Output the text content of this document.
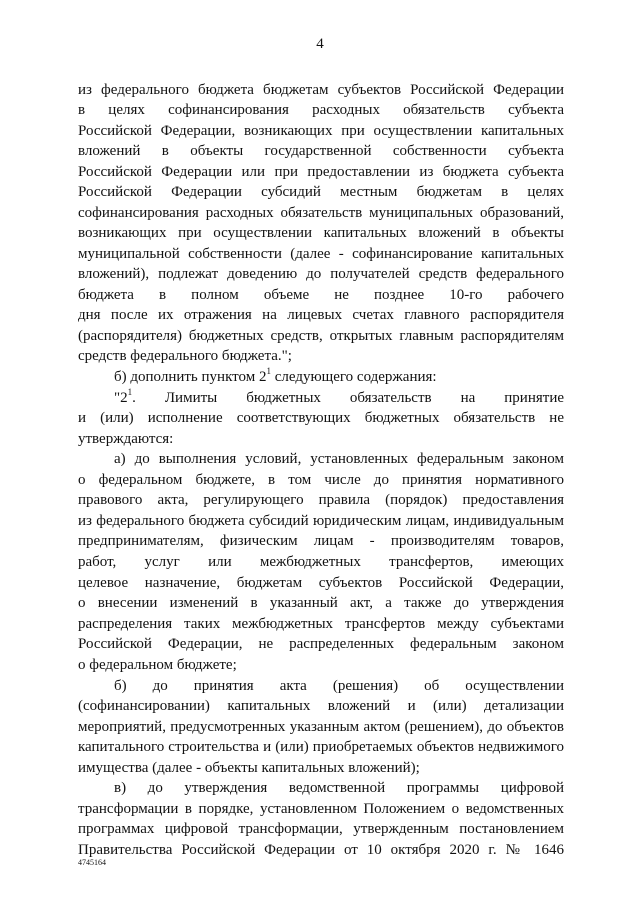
4
из федерального бюджета бюджетам субъектов Российской Федерации
в целях софинансирования расходных обязательств субъекта
Российской Федерации, возникающих при осуществлении капитальных
вложений в объекты государственной собственности субъекта
Российской Федерации или при предоставлении из бюджета субъекта
Российской Федерации субсидий местным бюджетам в целях
софинансирования расходных обязательств муниципальных образований,
возникающих при осуществлении капитальных вложений в объекты
муниципальной собственности (далее - софинансирование капитальных
вложений), подлежат доведению до получателей средств федерального
бюджета в полном объеме не позднее 10-го рабочего
дня после их отражения на лицевых счетах главного распорядителя
(распорядителя) бюджетных средств, открытых главным распорядителям
средств федерального бюджета.";
б) дополнить пунктом $2^1$ следующего содержания:
"$2^1$. Лимиты бюджетных обязательств на принятие
и (или) исполнение соответствующих бюджетных обязательств не
утверждаются:
а) до выполнения условий, установленных федеральным законом
о федеральном бюджете, в том числе до принятия нормативного
правового акта, регулирующего правила (порядок) предоставления
из федерального бюджета субсидий юридическим лицам, индивидуальным
предпринимателям, физическим лицам - производителям товаров,
работ, услуг или межбюджетных трансфертов, имеющих
целевое назначение, бюджетам субъектов Российской Федерации,
о внесении изменений в указанный акт, а также до утверждения
распределения таких межбюджетных трансфертов между субъектами
Российской Федерации, не распределенных федеральным законом
о федеральном бюджете;
б) до принятия акта (решения) об осуществлении
(софинансировании) капитальных вложений и (или) детализации
мероприятий, предусмотренных указанным актом (решением), до объектов
капитального строительства и (или) приобретаемых объектов недвижимого
имущества (далее - объекты капитальных вложений);
в) до утверждения ведомственной программы цифровой
трансформации в порядке, установленном Положением о ведомственных
программах цифровой трансформации, утвержденным постановлением
Правительства Российской Федерации от 10 октября 2020 г. № 1646
4745164
